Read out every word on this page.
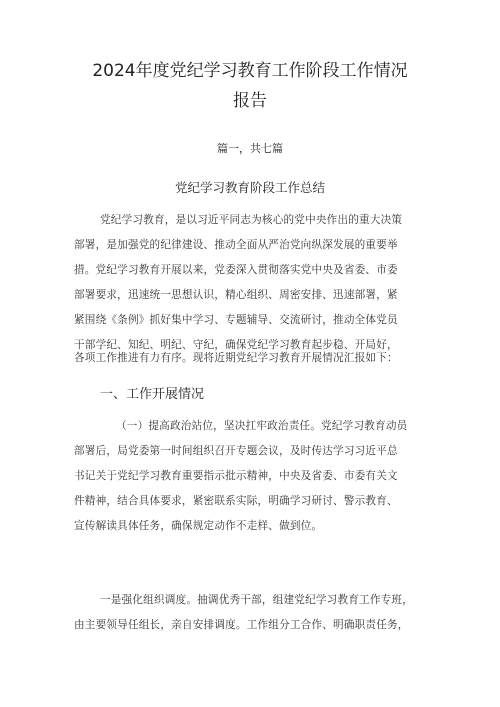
2024年度党纪学习教育工作阶段工作情况
报告
篇一，共七篇
党纪学习教育阶段工作总结
党纪学习教育，是以习近平同志为核心的党中央作出的重大决策
部署，是加强党的纪律建设、推动全面从严治党向纵深发展的重要举
措。党纪学习教育开展以来，党委深入贯彻落实党中央及省委、市委
部署要求，迅速统一思想认识，精心组织、周密安排、迅速部署，紧
紧围绕《条例》抓好集中学习、专题辅导、交流研讨，推动全体党员
干部学纪、知纪、明纪、守纪，确保党纪学习教育起步稳、开局好，
各项工作推进有力有序。现将近期党纪学习教育开展情况汇报如下：
一、工作开展情况
（一）提高政治站位，坚决扛牢政治责任。党纪学习教育动员
部署后，局党委第一时间组织召开专题会议，及时传达学习习近平总
书记关于党纪学习教育重要指示批示精神，中央及省委、市委有关文
件精神，结合具体要求，紧密联系实际，明确学习研讨、警示教育、
宣传解读具体任务，确保规定动作不走样、做到位。
一是强化组织调度。抽调优秀干部，组建党纪学习教育工作专班，
由主要领导任组长，亲自安排调度。工作组分工合作、明确职责任务，
